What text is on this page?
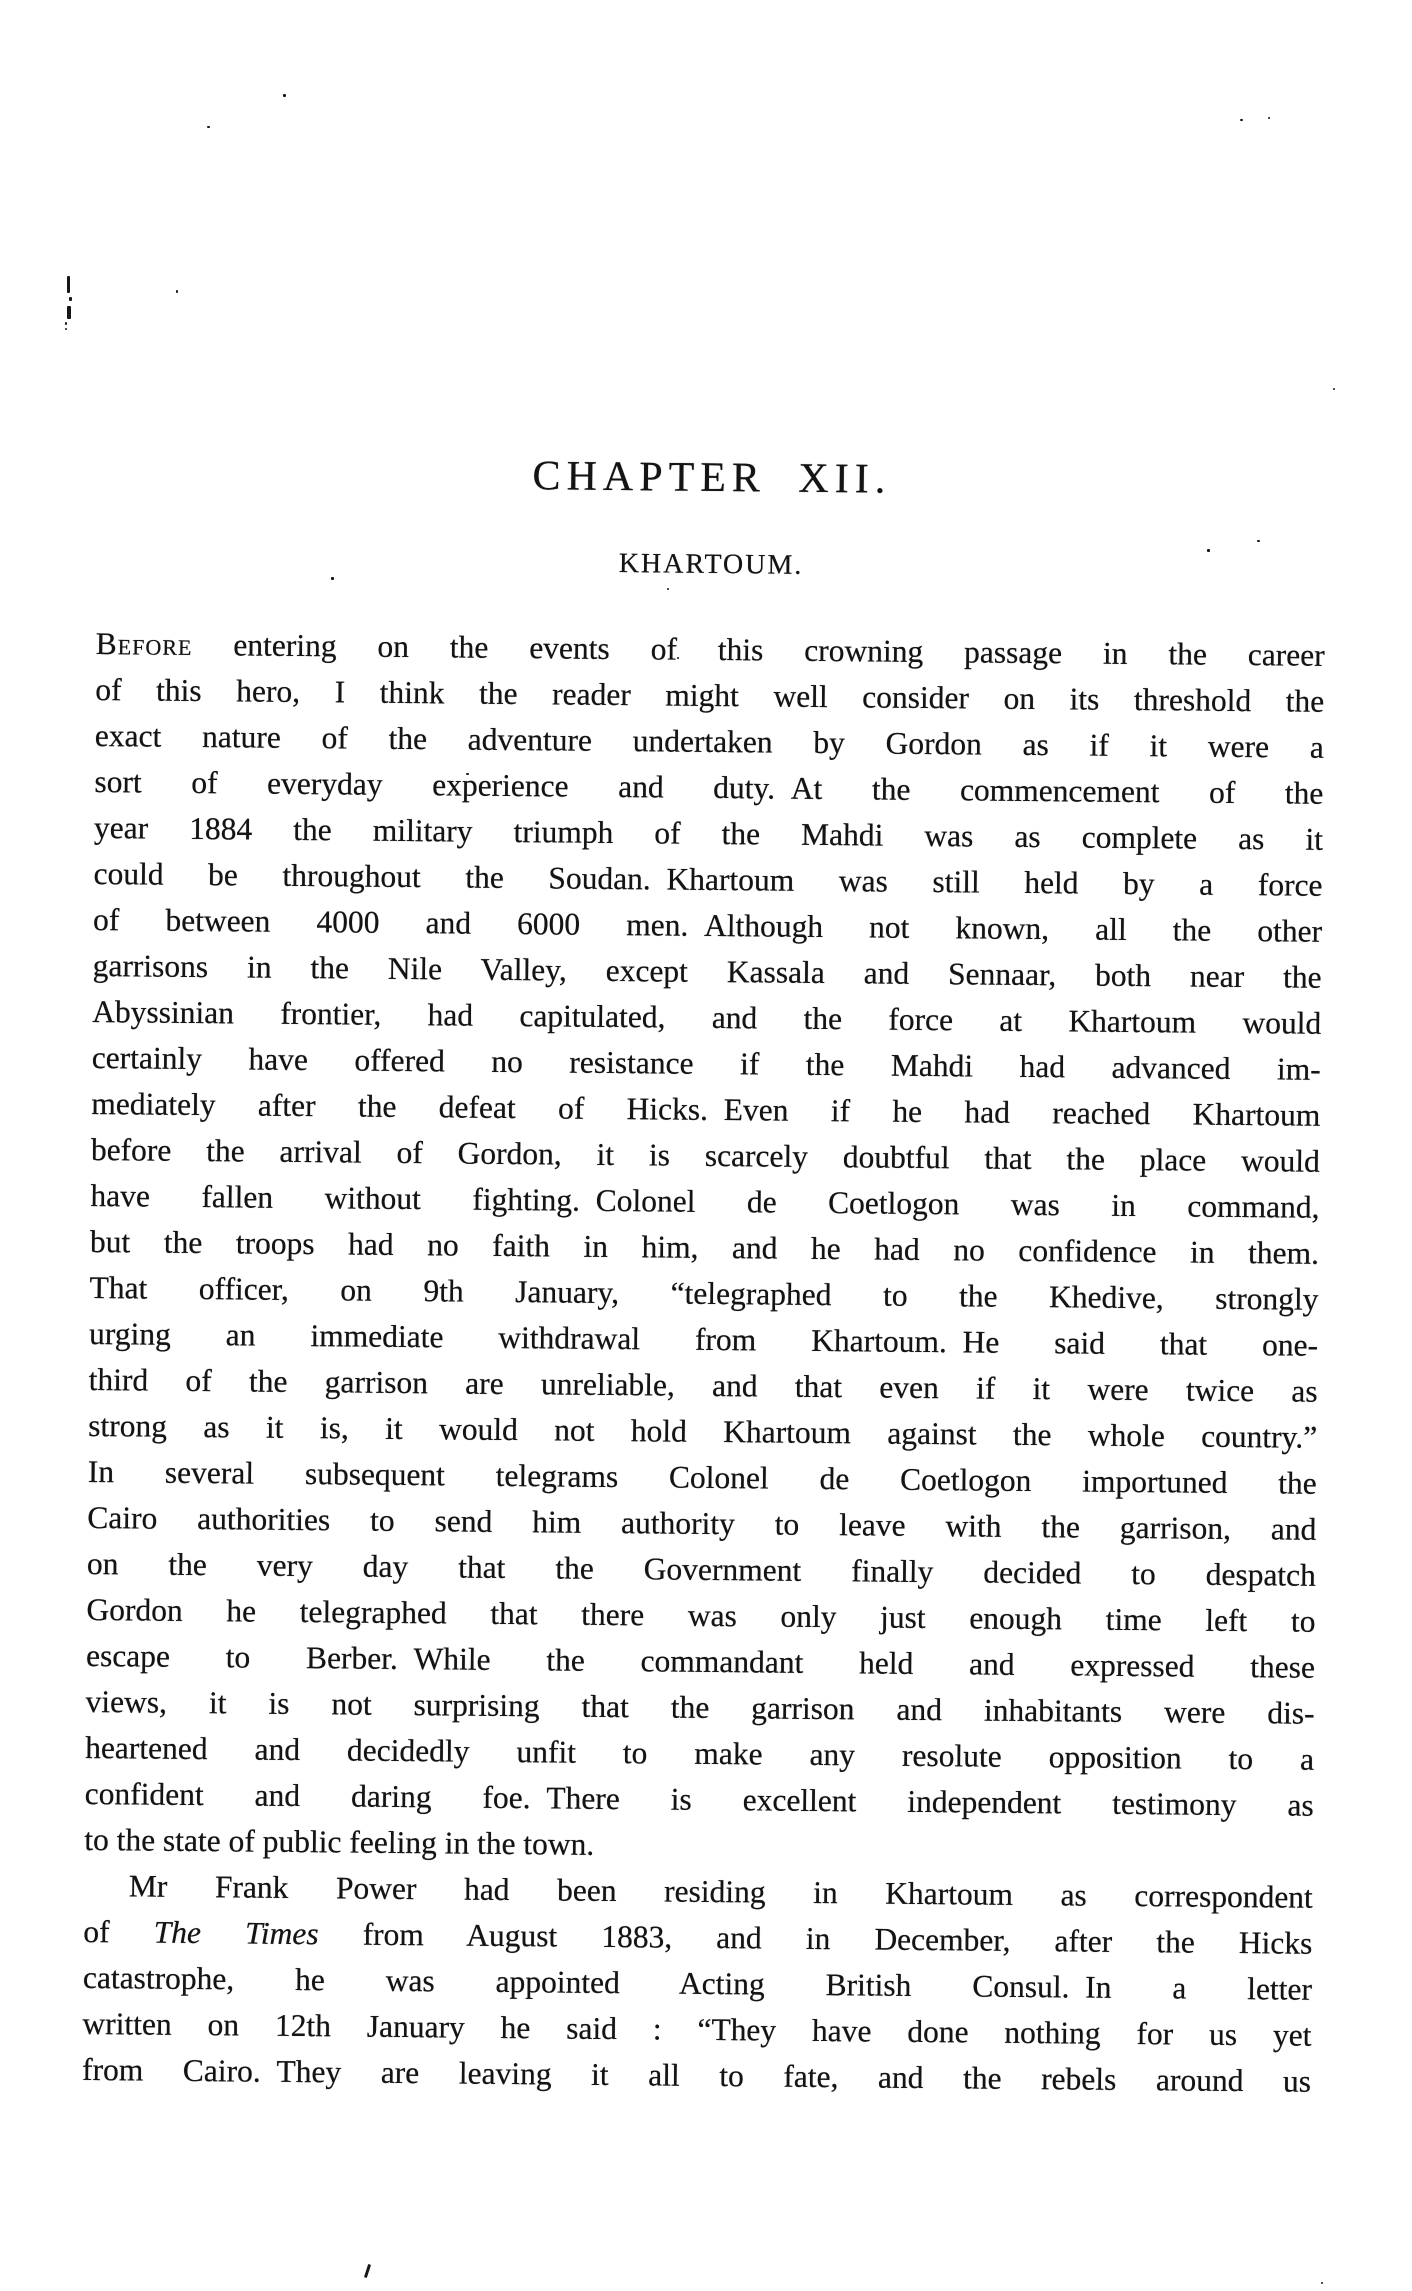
CHAPTER XII.
KHARTOUM.
Before entering on the events of this crowning passage in the career
of this hero, I think the reader might well consider on its threshold the
exact nature of the adventure undertaken by Gordon as if it were a
sort of everyday experience and duty. At the commencement of the
year 1884 the military triumph of the Mahdi was as complete as it
could be throughout the Soudan. Khartoum was still held by a force
of between 4000 and 6000 men. Although not known, all the other
garrisons in the Nile Valley, except Kassala and Sennaar, both near the
Abyssinian frontier, had capitulated, and the force at Khartoum would
certainly have offered no resistance if the Mahdi had advanced im-
mediately after the defeat of Hicks. Even if he had reached Khartoum
before the arrival of Gordon, it is scarcely doubtful that the place would
have fallen without fighting. Colonel de Coetlogon was in command,
but the troops had no faith in him, and he had no confidence in them.
That officer, on 9th January, “telegraphed to the Khedive, strongly
urging an immediate withdrawal from Khartoum. He said that one-
third of the garrison are unreliable, and that even if it were twice as
strong as it is, it would not hold Khartoum against the whole country.”
In several subsequent telegrams Colonel de Coetlogon importuned the
Cairo authorities to send him authority to leave with the garrison, and
on the very day that the Government finally decided to despatch
Gordon he telegraphed that there was only just enough time left to
escape to Berber. While the commandant held and expressed these
views, it is not surprising that the garrison and inhabitants were dis-
heartened and decidedly unfit to make any resolute opposition to a
confident and daring foe. There is excellent independent testimony as
to the state of public feeling in the town.
Mr Frank Power had been residing in Khartoum as correspondent
of The Times from August 1883, and in December, after the Hicks
catastrophe, he was appointed Acting British Consul. In a letter
written on 12th January he said : “They have done nothing for us yet
from Cairo. They are leaving it all to fate, and the rebels around us
